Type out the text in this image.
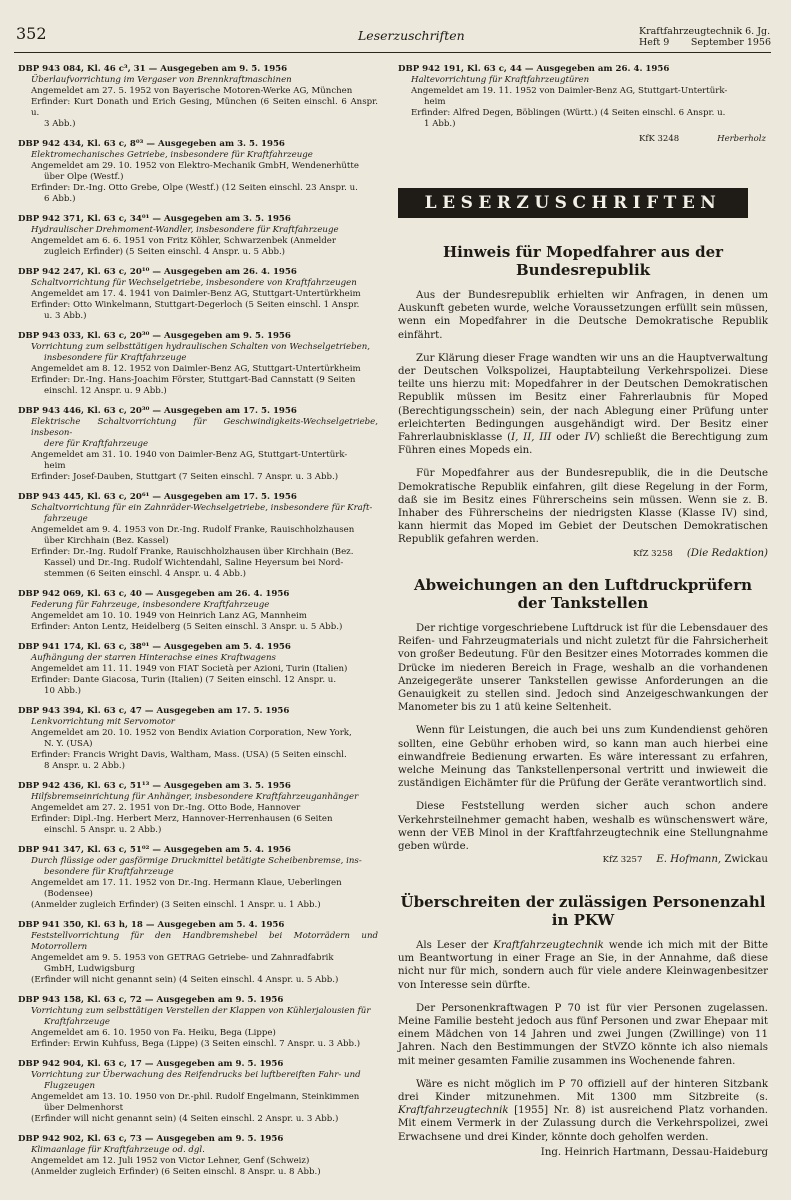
352	Leserzuschriften	Kraftfahrzeugtechnik 6. Jg.
Heft 9 September 1956
DBP 943 084, Kl. 46 c³, 31 — Ausgegeben am 9. 5. 1956
Überlaufvorrichtung im Vergaser von Brennkraftmaschinen
Angemeldet am 27. 5. 1952 von Bayerische Motoren-Werke AG, München
Erfinder: Kurt Donath und Erich Gesing, München (6 Seiten einschl. 6 Anspr. u.
3 Abb.)
DBP 942 434, Kl. 63 c, 8⁰³ — Ausgegeben am 3. 5. 1956
Elektromechanisches Getriebe, insbesondere für Kraftfahrzeuge
Angemeldet am 29. 10. 1952 von Elektro-Mechanik GmbH, Wendenerhütte
über Olpe (Westf.)
Erfinder: Dr.-Ing. Otto Grebe, Olpe (Westf.) (12 Seiten einschl. 23 Anspr. u.
6 Abb.)
DBP 942 371, Kl. 63 c, 34⁰¹ — Ausgegeben am 3. 5. 1956
Hydraulischer Drehmoment-Wandler, insbesondere für Kraftfahrzeuge
Angemeldet am 6. 6. 1951 von Fritz Köhler, Schwarzenbek (Anmelder
zugleich Erfinder) (5 Seiten einschl. 4 Anspr. u. 5 Abb.)
DBP 942 247, Kl. 63 c, 20¹⁰ — Ausgegeben am 26. 4. 1956
Schaltvorrichtung für Wechselgetriebe, insbesondere von Kraftfahrzeugen
Angemeldet am 17. 4. 1941 von Daimler-Benz AG, Stuttgart-Untertürkheim
Erfinder: Otto Winkelmann, Stuttgart-Degerloch (5 Seiten einschl. 1 Anspr.
u. 3 Abb.)
DBP 943 033, Kl. 63 c, 20³⁰ — Ausgegeben am 9. 5. 1956
Vorrichtung zum selbsttätigen hydraulischen Schalten von Wechselgetrieben,
insbesondere für Kraftfahrzeuge
Angemeldet am 8. 12. 1952 von Daimler-Benz AG, Stuttgart-Untertürkheim
Erfinder: Dr.-Ing. Hans-Joachim Förster, Stuttgart-Bad Cannstatt (9 Seiten
einschl. 12 Anspr. u. 9 Abb.)
DBP 943 446, Kl. 63 c, 20³⁰ — Ausgegeben am 17. 5. 1956
Elektrische Schaltvorrichtung für Geschwindigkeits-Wechselgetriebe, insbeson-
dere für Kraftfahrzeuge
Angemeldet am 31. 10. 1940 von Daimler-Benz AG, Stuttgart-Untertürk-
heim
Erfinder: Josef-Dauben, Stuttgart (7 Seiten einschl. 7 Anspr. u. 3 Abb.)
DBP 943 445, Kl. 63 c, 20⁶¹ — Ausgegeben am 17. 5. 1956
Schaltvorrichtung für ein Zahnräder-Wechselgetriebe, insbesondere für Kraft-
fahrzeuge
Angemeldet am 9. 4. 1953 von Dr.-Ing. Rudolf Franke, Rauischholzhausen
über Kirchhain (Bez. Kassel)
Erfinder: Dr.-Ing. Rudolf Franke, Rauischholzhausen über Kirchhain (Bez.
Kassel) und Dr.-Ing. Rudolf Wichtendahl, Saline Heyersum bei Nord-
stemmen (6 Seiten einschl. 4 Anspr. u. 4 Abb.)
DBP 942 069, Kl. 63 c, 40 — Ausgegeben am 26. 4. 1956
Federung für Fahrzeuge, insbesondere Kraftfahrzeuge
Angemeldet am 10. 10. 1949 von Heinrich Lanz AG, Mannheim
Erfinder: Anton Lentz, Heidelberg (5 Seiten einschl. 3 Anspr. u. 5 Abb.)
DBP 941 174, Kl. 63 c, 38⁰¹ — Ausgegeben am 5. 4. 1956
Aufhängung der starren Hinterachse eines Kraftwagens
Angemeldet am 11. 11. 1949 von FIAT Società per Azioni, Turin (Italien)
Erfinder: Dante Giacosa, Turin (Italien) (7 Seiten einschl. 12 Anspr. u.
10 Abb.)
DBP 943 394, Kl. 63 c, 47 — Ausgegeben am 17. 5. 1956
Lenkvorrichtung mit Servomotor
Angemeldet am 20. 10. 1952 von Bendix Aviation Corporation, New York,
N. Y. (USA)
Erfinder: Francis Wright Davis, Waltham, Mass. (USA) (5 Seiten einschl.
8 Anspr. u. 2 Abb.)
DBP 942 436, Kl. 63 c, 51¹³ — Ausgegeben am 3. 5. 1956
Hilfsbremseinrichtung für Anhänger, insbesondere Kraftfahrzeuganhänger
Angemeldet am 27. 2. 1951 von Dr.-Ing. Otto Bode, Hannover
Erfinder: Dipl.-Ing. Herbert Merz, Hannover-Herrenhausen (6 Seiten
einschl. 5 Anspr. u. 2 Abb.)
DBP 941 347, Kl. 63 c, 51⁰² — Ausgegeben am 5. 4. 1956
Durch flüssige oder gasförmige Druckmittel betätigte Scheibenbremse, ins-
besondere für Kraftfahrzeuge
Angemeldet am 17. 11. 1952 von Dr.-Ing. Hermann Klaue, Ueberlingen
(Bodensee)
(Anmelder zugleich Erfinder) (3 Seiten einschl. 1 Anspr. u. 1 Abb.)
DBP 941 350, Kl. 63 h, 18 — Ausgegeben am 5. 4. 1956
Feststellvorrichtung für den Handbremshebel bei Motorrädern und Motorrollern
Angemeldet am 9. 5. 1953 von GETRAG Getriebe- und Zahnradfabrik
GmbH, Ludwigsburg
(Erfinder will nicht genannt sein) (4 Seiten einschl. 4 Anspr. u. 5 Abb.)
DBP 943 158, Kl. 63 c, 72 — Ausgegeben am 9. 5. 1956
Vorrichtung zum selbsttätigen Verstellen der Klappen von Kühlerjalousien für
Kraftfahrzeuge
Angemeldet am 6. 10. 1950 von Fa. Heiku, Bega (Lippe)
Erfinder: Erwin Kuhfuss, Bega (Lippe) (3 Seiten einschl. 7 Anspr. u. 3 Abb.)
DBP 942 904, Kl. 63 c, 17 — Ausgegeben am 9. 5. 1956
Vorrichtung zur Überwachung des Reifendrucks bei luftbereiften Fahr- und
Flugzeugen
Angemeldet am 13. 10. 1950 von Dr.-phil. Rudolf Engelmann, Steinkimmen
über Delmenhorst
(Erfinder will nicht genannt sein) (4 Seiten einschl. 2 Anspr. u. 3 Abb.)
DBP 942 902, Kl. 63 c, 73 — Ausgegeben am 9. 5. 1956
Klimaanlage für Kraftfahrzeuge od. dgl.
Angemeldet am 12. Juli 1952 von Victor Lehner, Genf (Schweiz)
(Anmelder zugleich Erfinder) (6 Seiten einschl. 8 Anspr. u. 8 Abb.)
DBP 942 191, Kl. 63 c, 44 — Ausgegeben am 26. 4. 1956
Haltevorrichtung für Kraftfahrzeugtüren
Angemeldet am 19. 11. 1952 von Daimler-Benz AG, Stuttgart-Untertürk-
heim
Erfinder: Alfred Degen, Böblingen (Württ.) (4 Seiten einschl. 6 Anspr. u.
1 Abb.)
KfK 3248	Herberholz
LESERZUSCHRIFTEN
Hinweis für Mopedfahrer aus der
Bundesrepublik

Aus der Bundesrepublik erhielten wir Anfragen, in denen um Auskunft gebeten wurde, welche Voraussetzungen erfüllt sein müssen, wenn ein Mopedfahrer in die Deutsche Demokratische Republik einfährt.

Zur Klärung dieser Frage wandten wir uns an die Hauptverwaltung der Deutschen Volkspolizei, Hauptabteilung Verkehrspolizei. Diese teilte uns hierzu mit: Mopedfahrer in der Deutschen Demokratischen Republik müssen im Besitz einer Fahrerlaubnis für Moped (Berechtigungsschein) sein, der nach Ablegung einer Prüfung unter erleichterten Bedingungen ausgehändigt wird. Der Besitz einer Fahrerlaubnisklasse (I, II, III oder IV) schließt die Berechtigung zum Führen eines Mopeds ein.

Für Mopedfahrer aus der Bundesrepublik, die in die Deutsche Demokratische Republik einfahren, gilt diese Regelung in der Form, daß sie im Besitz eines Führerscheins sein müssen. Wenn sie z. B. Inhaber des Führerscheins der niedrigsten Klasse (Klasse IV) sind, kann hiermit das Moped im Gebiet der Deutschen Demokratischen Republik gefahren werden.

KfZ 3258 (Die Redaktion)
Abweichungen an den Luftdruckprüfern
der Tankstellen

Der richtige vorgeschriebene Luftdruck ist für die Lebensdauer des Reifen- und Fahrzeugmaterials und nicht zuletzt für die Fahrsicherheit von großer Bedeutung. Für den Besitzer eines Motorrades kommen die Drücke im niederen Bereich in Frage, weshalb an die vorhandenen Anzeigegeräte unserer Tankstellen gewisse Anforderungen an die Genauigkeit zu stellen sind. Jedoch sind Anzeigeschwankungen der Manometer bis zu 1 atü keine Seltenheit.

Wenn für Leistungen, die auch bei uns zum Kundendienst gehören sollten, eine Gebühr erhoben wird, so kann man auch hierbei eine einwandfreie Bedienung erwarten. Es wäre interessant zu erfahren, welche Meinung das Tankstellenpersonal vertritt und inwieweit die zuständigen Eichämter für die Prüfung der Geräte verantwortlich sind.

Diese Feststellung werden sicher auch schon andere Verkehrsteilnehmer gemacht haben, weshalb es wünschenswert wäre, wenn der VEB Minol in der Kraftfahrzeugtechnik eine Stellungnahme geben würde.

KfZ 3257 E. Hofmann, Zwickau
Überschreiten der zulässigen Personenzahl
in PKW

Als Leser der Kraftfahrzeugtechnik wende ich mich mit der Bitte um Beantwortung in einer Frage an Sie, in der Annahme, daß diese nicht nur für mich, sondern auch für viele andere Kleinwagenbesitzer von Interesse sein dürfte.

Der Personenkraftwagen P 70 ist für vier Personen zugelassen. Meine Familie besteht jedoch aus fünf Personen und zwar Ehepaar mit einem Mädchen von 14 Jahren und zwei Jungen (Zwillinge) von 11 Jahren. Nach den Bestimmungen der StVZO könnte ich also niemals mit meiner gesamten Familie zusammen ins Wochenende fahren.

Wäre es nicht möglich im P 70 offiziell auf der hinteren Sitzbank drei Kinder mitzunehmen. Mit 1300 mm Sitzbreite (s. Kraftfahrzeugtechnik [1955] Nr. 8) ist ausreichend Platz vorhanden. Mit einem Vermerk in der Zulassung durch die Verkehrspolizei, zwei Erwachsene und drei Kinder, könnte doch geholfen werden.

Ing. Heinrich Hartmann, Dessau-Haideburg
